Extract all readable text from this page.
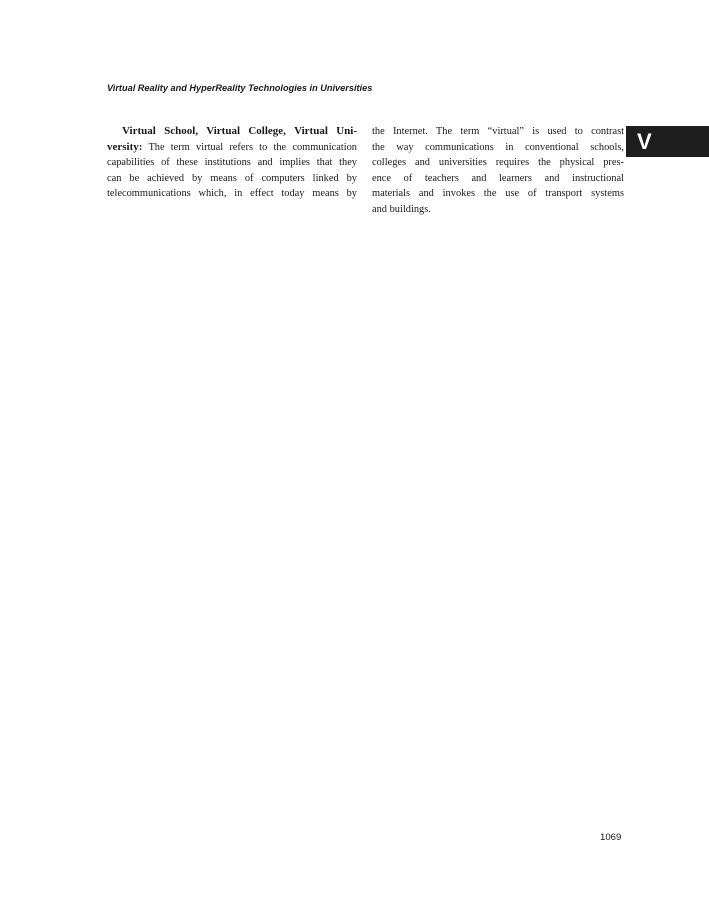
Virtual Reality and HyperReality Technologies in Universities
Virtual School, Virtual College, Virtual Uni-
versity: The term virtual refers to the communication
capabilities of these institutions and implies that they
can be achieved by means of computers linked by
telecommunications which, in effect today means by
the Internet. The term “virtual” is used to contrast
the way communications in conventional schools,
colleges and universities requires the physical pres-
ence of teachers and learners and instructional
materials and invokes the use of transport systems
and buildings.
V
1069
